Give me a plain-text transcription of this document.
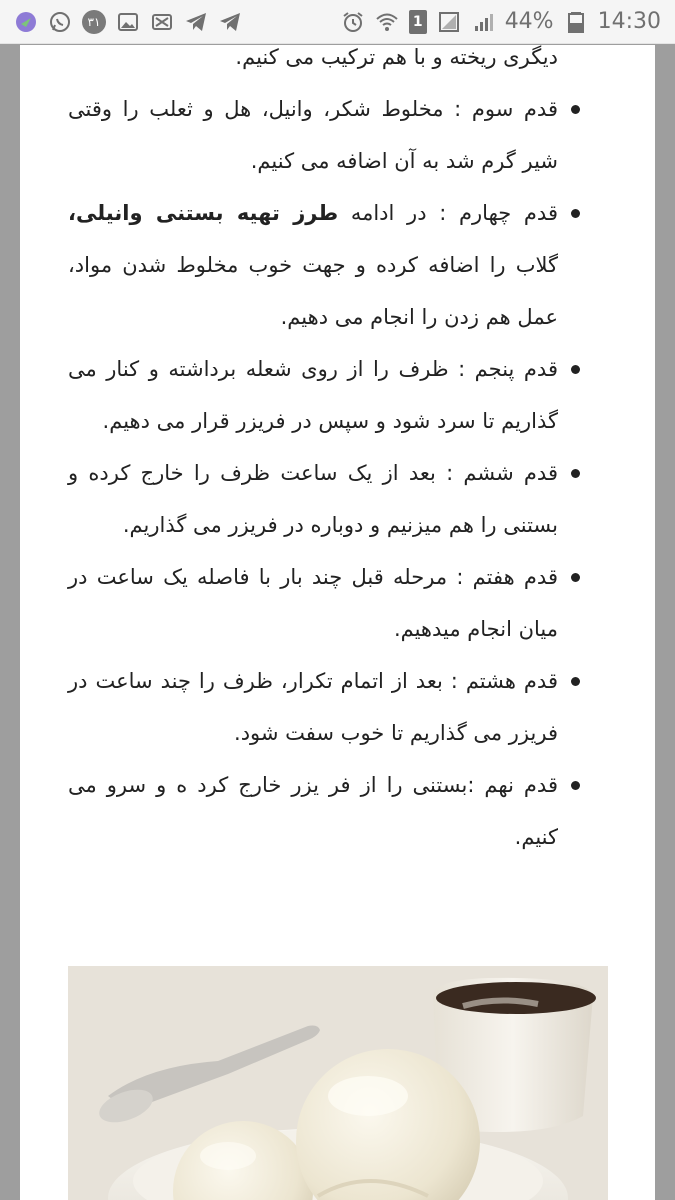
۳۱	1	44% 14:30
دیگری ریخته و با هم ترکیب می کنیم.
قدم سوم : مخلوط شکر، وانیل، هل و ثعلب را وقتی شیر گرم شد به آن اضافه می کنیم.
قدم چهارم : در ادامه طرز تهیه بستنی وانیلی، گلاب را اضافه کرده و جهت خوب مخلوط شدن مواد، عمل هم زدن را انجام می دهیم.
قدم پنجم : ظرف را از روی شعله برداشته و کنار می گذاریم تا سرد شود و سپس در فریزر قرار می دهیم.
قدم ششم : بعد از یک ساعت ظرف را خارج کرده و بستنی را هم میزنیم و دوباره در فریزر می گذاریم.
قدم هفتم : مرحله قبل چند بار با فاصله یک ساعت در میان انجام میدهیم.
قدم هشتم : بعد از اتمام تکرار، ظرف را چند ساعت در فریزر می گذاریم تا خوب سفت شود.
قدم نهم :بستنی را از فر یزر خارج کرد ه و سرو می کنیم.
